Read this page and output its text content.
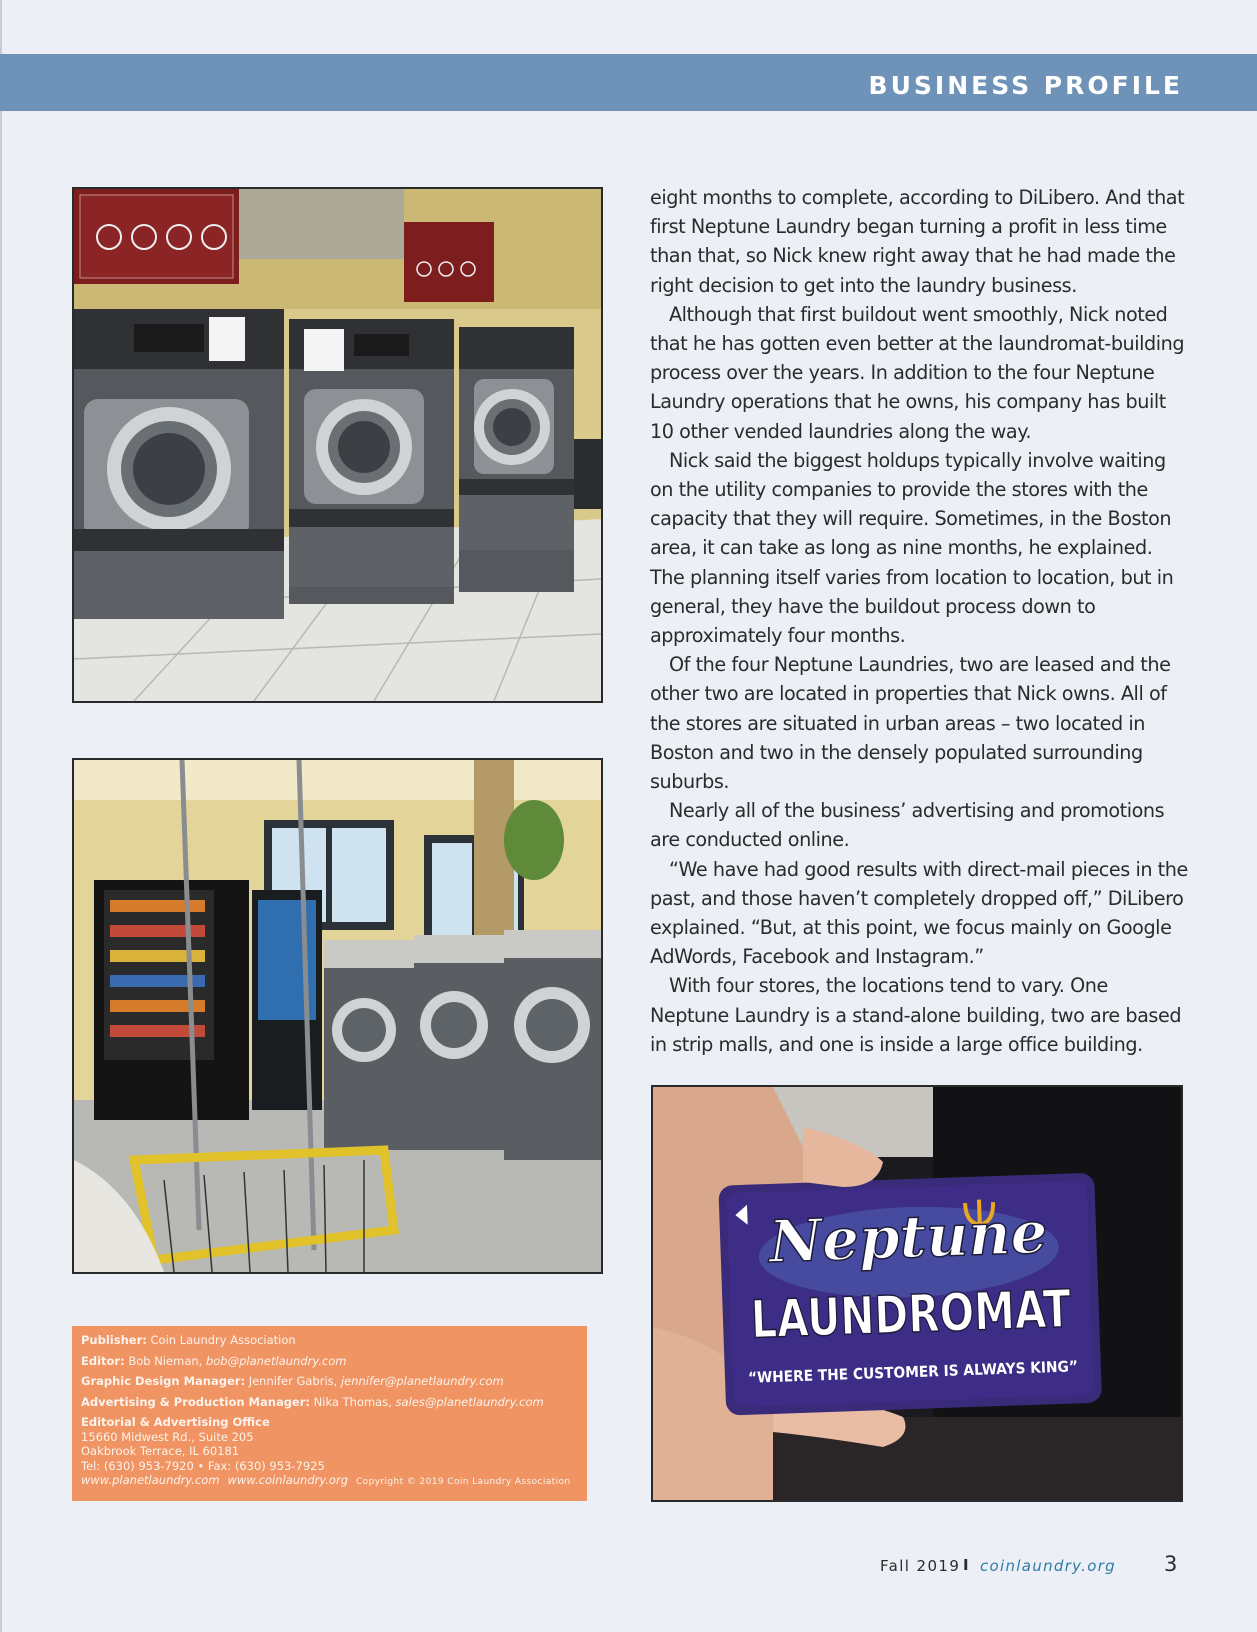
BUSINESS PROFILE

eight months to complete, according to DiLibero. And that first Neptune Laundry began turning a profit in less time than that, so Nick knew right away that he had made the right decision to get into the laundry business.

Although that first buildout went smoothly, Nick noted that he has gotten even better at the laundromat-building process over the years. In addition to the four Neptune Laundry operations that he owns, his company has built 10 other vended laundries along the way.

Nick said the biggest holdups typically involve waiting on the utility companies to provide the stores with the capacity that they will require. Sometimes, in the Boston area, it can take as long as nine months, he explained. The planning itself varies from location to location, but in general, they have the buildout process down to approximately four months.

Of the four Neptune Laundries, two are leased and the other two are located in properties that Nick owns. All of the stores are situated in urban areas – two located in Boston and two in the densely populated surrounding suburbs.

Nearly all of the business’ advertising and promotions are conducted online.

“We have had good results with direct-mail pieces in the past, and those haven’t completely dropped off,” DiLibero explained. “But, at this point, we focus mainly on Google AdWords, Facebook and Instagram.”

With four stores, the locations tend to vary. One Neptune Laundry is a stand-alone building, two are based in strip malls, and one is inside a large office building.

Neptune
LAUNDROMAT
“WHERE THE CUSTOMER IS ALWAYS KING”
Publisher: Coin Laundry Association
Editor: Bob Nieman, bob@planetlaundry.com
Graphic Design Manager: Jennifer Gabris, jennifer@planetlaundry.com
Advertising & Production Manager: Nika Thomas, sales@planetlaundry.com
Editorial & Advertising Office
15660 Midwest Rd., Suite 205
Oakbrook Terrace, IL 60181
Tel: (630) 953-7920 • Fax: (630) 953-7925
www.planetlaundry.com www.coinlaundry.org Copyright © 2019 Coin Laundry Association
Fall 2019 I coinlaundry.org 3
